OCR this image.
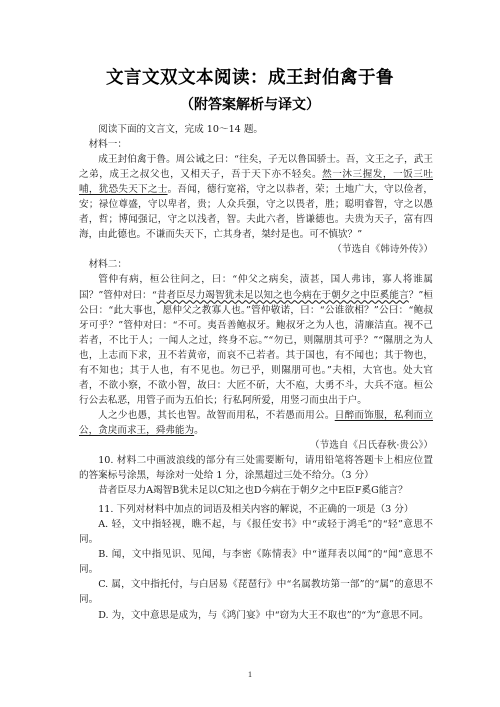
文言文双文本阅读：成王封伯禽于鲁
（附答案解析与译文）

阅读下面的文言文，完成 10～14 题。

材料一：

成王封伯禽于鲁。周公诫之曰：“往矣，子无以鲁国骄士。吾，文王之子，武王之弟，成王之叔父也，又相天子，吾于天下亦不轻矣。然一沐三握发，一饭三吐哺，犹恐失天下之士。吾闻，德行宽裕，守之以恭者，荣；土地广大，守以俭者，安；禄位尊盛，守以卑者，贵；人众兵强，守之以畏者，胜；聪明睿智，守之以愚者，哲；博闻强记，守之以浅者，智。夫此六者，皆谦德也。夫贵为天子，富有四海，由此德也。不谦而失天下，亡其身者，桀纣是也。可不慎欤？”

（节选自《韩诗外传》）

材料二：

管仲有病，桓公往问之，曰：“仲父之病矣，渍甚，国人弗讳，寡人将谁属国？”管仲对曰：“昔者臣尽力竭智犹未足以知之也今病在于朝夕之中臣奚能言？”桓公曰：“此大事也，愿仲父之教寡人也。”管仲敬诺，曰：“公谁欲相？”公曰：“鲍叔牙可乎？”管仲对曰：“不可。夷吾善鲍叔牙。鲍叔牙之为人也，清廉洁直。视不己若者，不比于人；一闻人之过，终身不忘。”“勿已，则隰朋其可乎？”“隰朋之为人也，上志而下求，丑不若黄帝，而哀不己若者。其于国也，有不闻也；其于物也，有不知也；其于人也，有不见也。勿已乎，则隰朋可也。”夫相，大官也。处大官者，不欲小察，不欲小智，故曰：大匠不斫，大不庖，大勇不斗，大兵不寇。桓公行公去私恶，用管子而为五伯长；行私阿所爱，用竖刁而虫出于户。

人之少也愚，其长也智。故智而用私，不若愚而用公。日醉而饰服，私利而立公，贪戾而求王，舜弗能为。

（节选自《吕氏春秋·贵公》）

10. 材料二中画波浪线的部分有三处需要断句，请用铅笔将答题卡上相应位置的答案标号涂黑，每涂对一处给 1 分，涂黑超过三处不给分。（3 分）

昔者臣尽力A竭智B犹未足以C知之也D今病在于朝夕之中E臣F奚G能言？

11. 下列对材料中加点的词语及相关内容的解说，不正确的一项是（3 分）

A. 轻，文中指轻视，瞧不起，与《报任安书》中“或轻于鸿毛”的“轻”意思不同。

B. 闻，文中指见识、见闻，与李密《陈情表》中“谨拜表以闻”的“闻”意思不同。

C. 属，文中指托付，与白居易《琵琶行》中“名属教坊第一部”的“属”的意思不同。

D. 为，文中意思是成为，与《鸿门宴》中“窃为大王不取也”的“为”意思不同。

1
